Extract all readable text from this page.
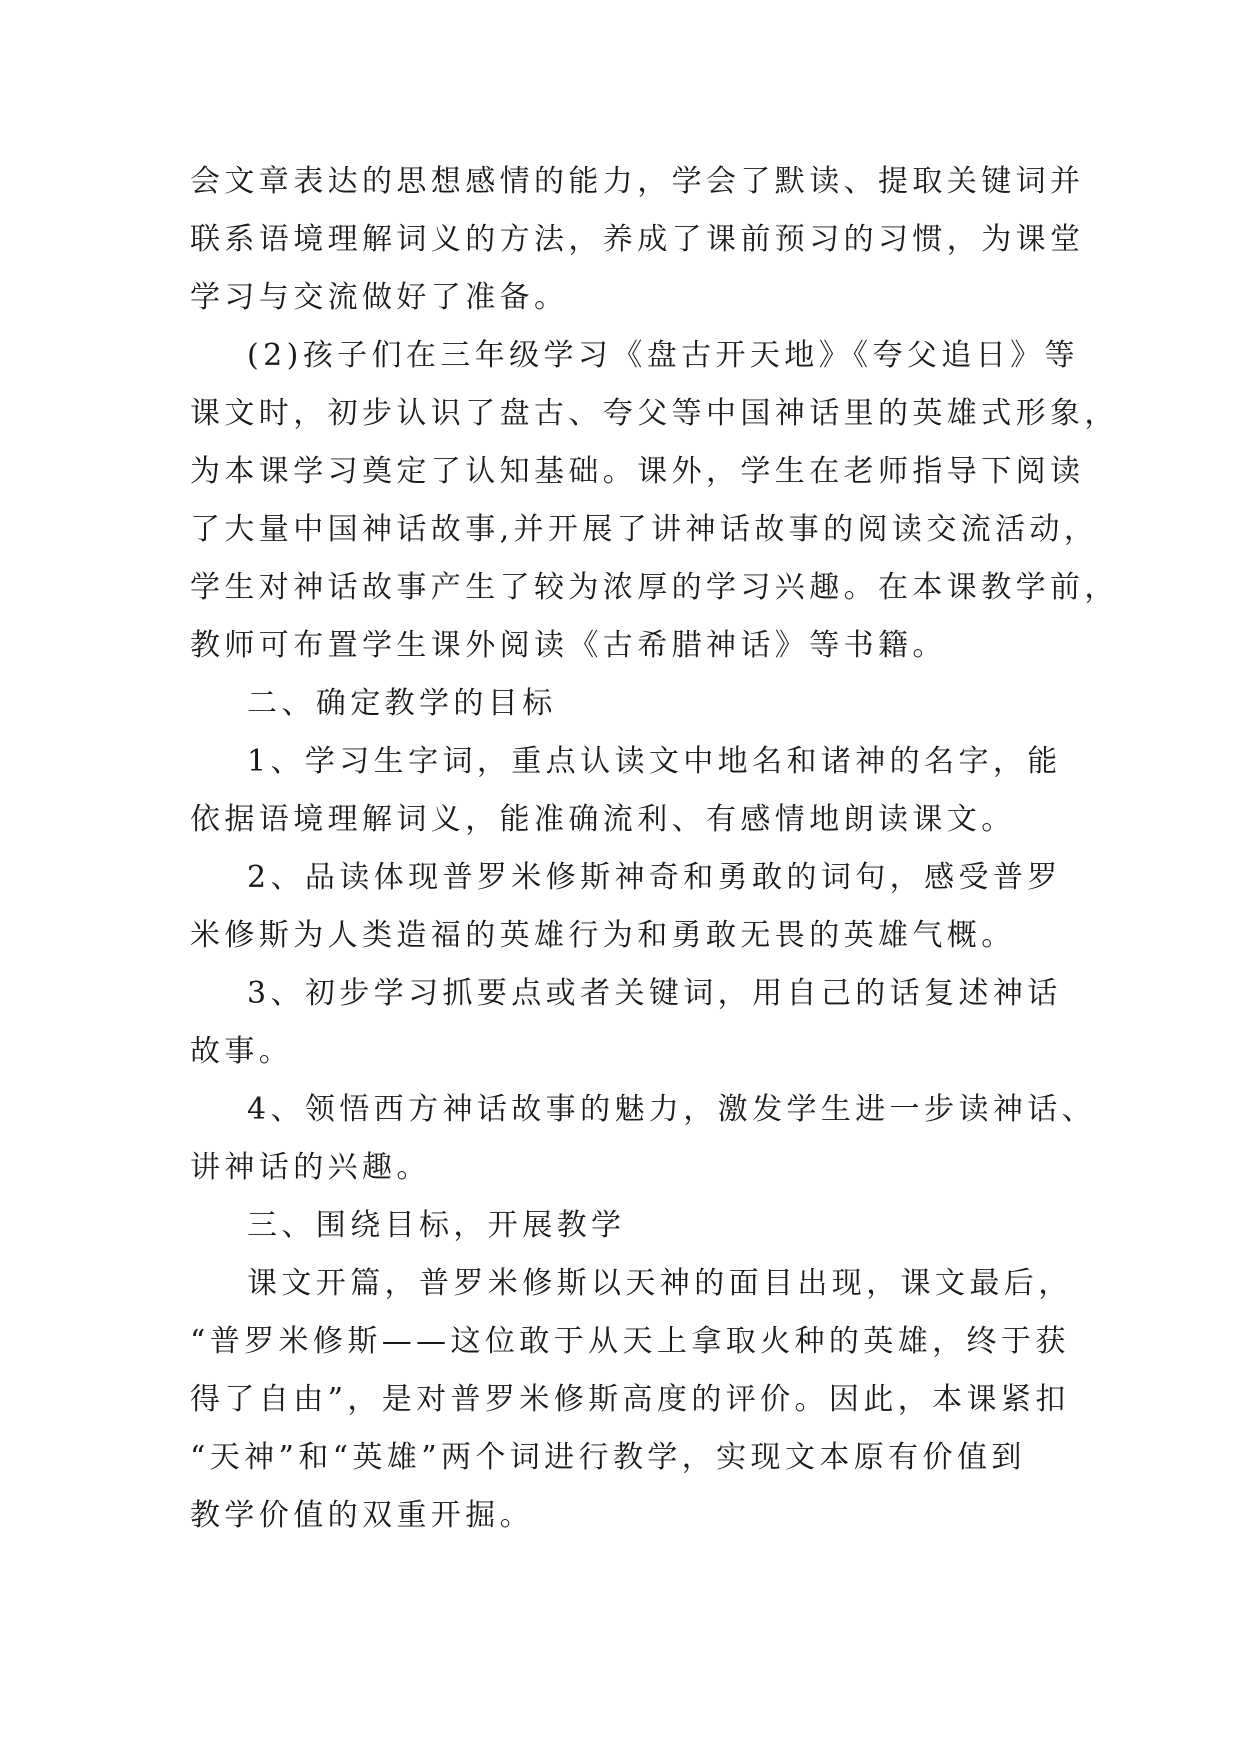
会文章表达的思想感情的能力，学会了默读、提取关键词并
联系语境理解词义的方法，养成了课前预习的习惯，为课堂
学习与交流做好了准备。
(2)孩子们在三年级学习《盘古开天地》《夸父追日》等
课文时，初步认识了盘古、夸父等中国神话里的英雄式形象，
为本课学习奠定了认知基础。课外，学生在老师指导下阅读
了大量中国神话故事,并开展了讲神话故事的阅读交流活动，
学生对神话故事产生了较为浓厚的学习兴趣。在本课教学前，
教师可布置学生课外阅读《古希腊神话》等书籍。
二、确定教学的目标
1、学习生字词，重点认读文中地名和诸神的名字，能
依据语境理解词义，能准确流利、有感情地朗读课文。
2、品读体现普罗米修斯神奇和勇敢的词句，感受普罗
米修斯为人类造福的英雄行为和勇敢无畏的英雄气概。
3、初步学习抓要点或者关键词，用自己的话复述神话
故事。
4、领悟西方神话故事的魅力，激发学生进一步读神话、
讲神话的兴趣。
三、围绕目标，开展教学
课文开篇，普罗米修斯以天神的面目出现，课文最后，
“普罗米修斯——这位敢于从天上拿取火种的英雄，终于获
得了自由”，是对普罗米修斯高度的评价。因此，本课紧扣
“天神”和“英雄”两个词进行教学，实现文本原有价值到
教学价值的双重开掘。
